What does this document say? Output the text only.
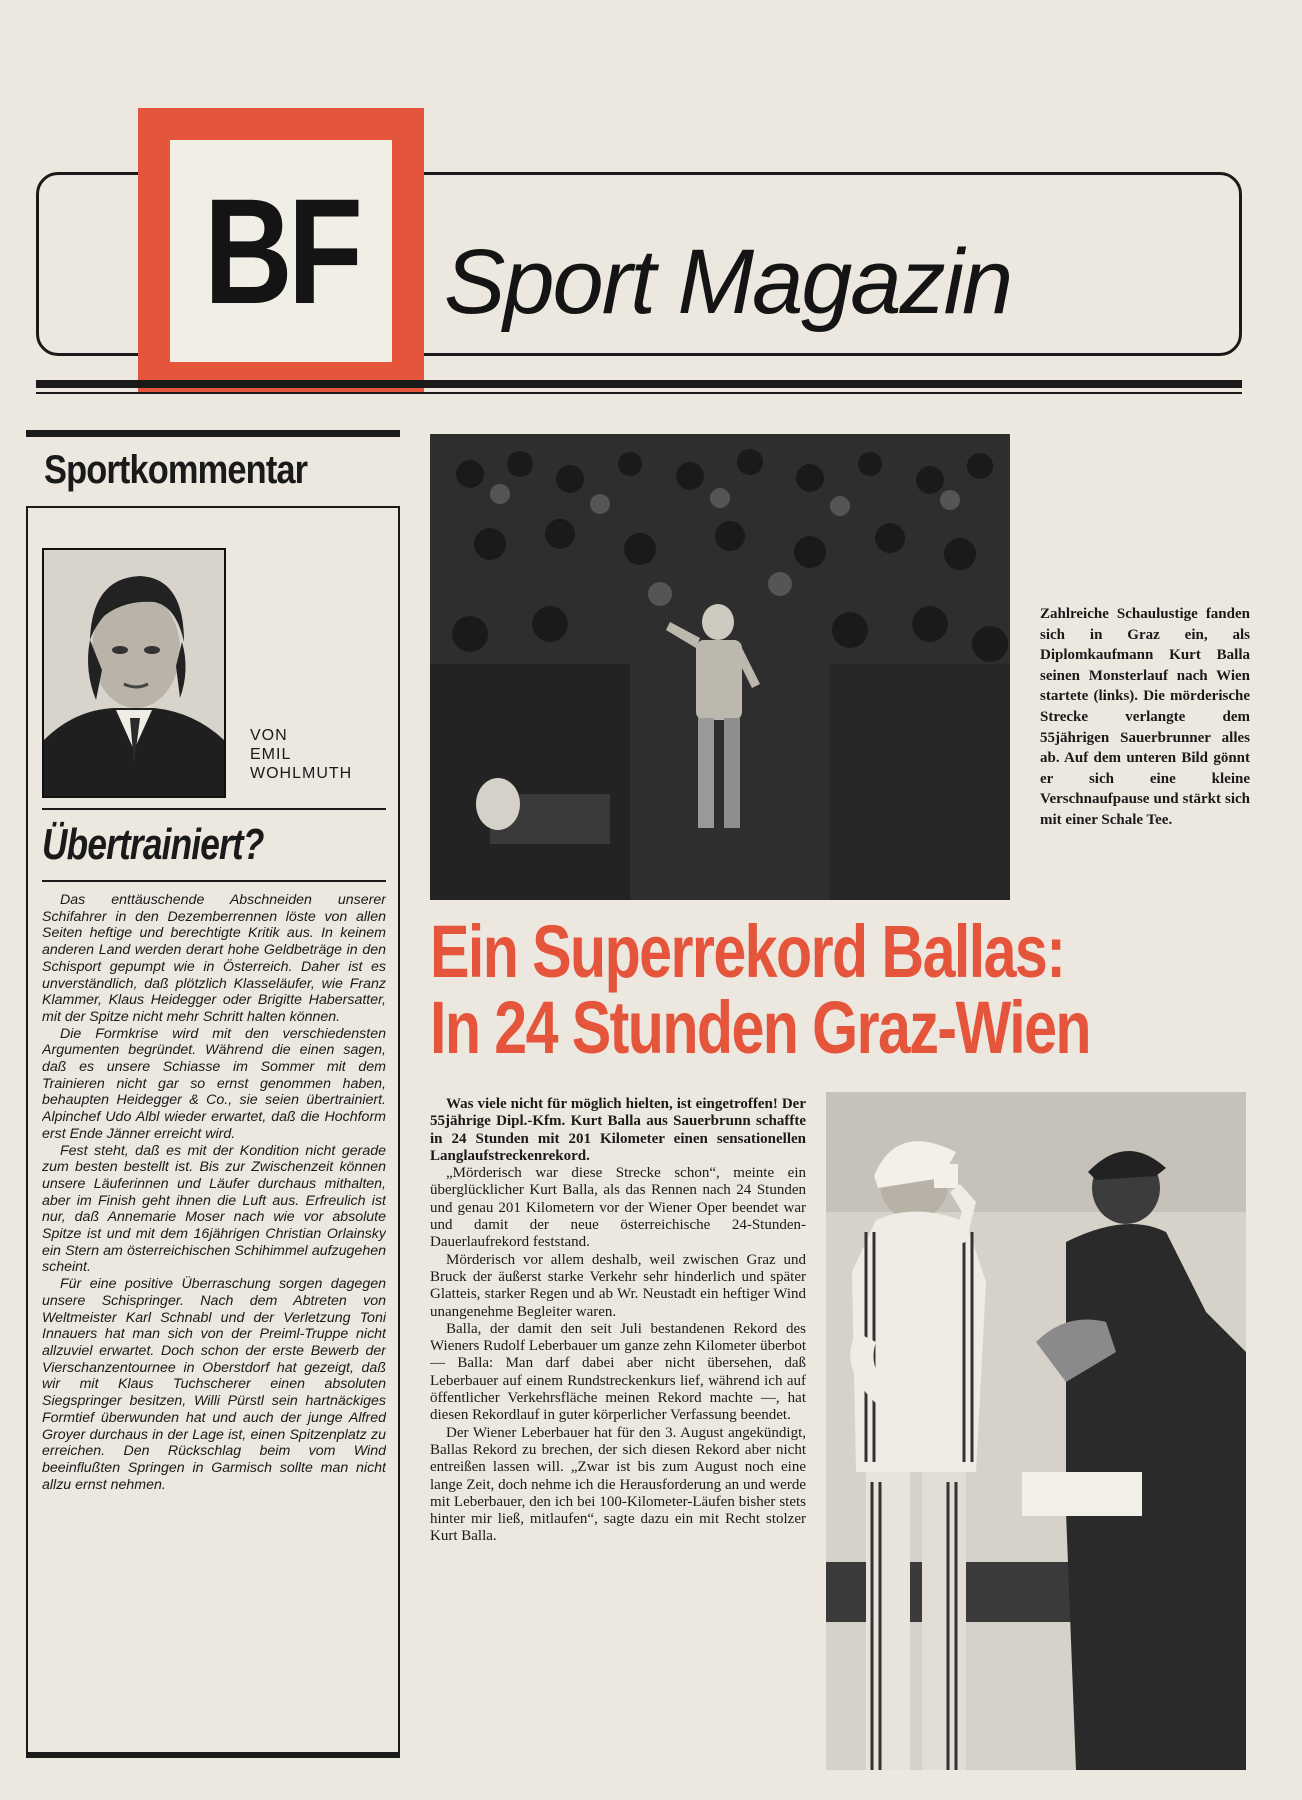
BF Sport Magazin
Sportkommentar
VON
EMIL
WOHLMUTH
Übertrainiert?

Das enttäuschende Abschneiden unserer Schifahrer in den Dezemberrennen löste von allen Seiten heftige und berechtigte Kritik aus. In keinem anderen Land werden derart hohe Geldbeträge in den Schisport gepumpt wie in Österreich. Daher ist es unverständlich, daß plötzlich Klasseläufer, wie Franz Klammer, Klaus Heidegger oder Brigitte Habersatter, mit der Spitze nicht mehr Schritt halten können.

Die Formkrise wird mit den verschiedensten Argumenten begründet. Während die einen sagen, daß es unsere Schiasse im Sommer mit dem Trainieren nicht gar so ernst genommen haben, behaupten Heidegger & Co., sie seien übertrainiert. Alpinchef Udo Albl wieder erwartet, daß die Hochform erst Ende Jänner erreicht wird.

Fest steht, daß es mit der Kondition nicht gerade zum besten bestellt ist. Bis zur Zwischenzeit können unsere Läuferinnen und Läufer durchaus mithalten, aber im Finish geht ihnen die Luft aus. Erfreulich ist nur, daß Annemarie Moser nach wie vor absolute Spitze ist und mit dem 16jährigen Christian Orlainsky ein Stern am österreichischen Schihimmel aufzugehen scheint.

Für eine positive Überraschung sorgen dagegen unsere Schispringer. Nach dem Abtreten von Weltmeister Karl Schnabl und der Verletzung Toni Innauers hat man sich von der Preiml-Truppe nicht allzuviel erwartet. Doch schon der erste Bewerb der Vierschanzentournee in Oberstdorf hat gezeigt, daß wir mit Klaus Tuchscherer einen absoluten Siegspringer besitzen, Willi Pürstl sein hartnäckiges Formtief überwunden hat und auch der junge Alfred Groyer durchaus in der Lage ist, einen Spitzenplatz zu erreichen. Den Rückschlag beim vom Wind beeinflußten Springen in Garmisch sollte man nicht allzu ernst nehmen.

Zahlreiche Schaulustige fanden sich in Graz ein, als Diplomkaufmann Kurt Balla seinen Monsterlauf nach Wien startete (links). Die mörderische Strecke verlangte dem 55jährigen Sauerbrunner alles ab. Auf dem unteren Bild gönnt er sich eine kleine Verschnaufpause und stärkt sich mit einer Schale Tee.
Ein Superrekord Ballas:
In 24 Stunden Graz-Wien

Was viele nicht für möglich hielten, ist eingetroffen! Der 55jährige Dipl.-Kfm. Kurt Balla aus Sauerbrunn schaffte in 24 Stunden mit 201 Kilometer einen sensationellen Langlaufstreckenrekord.

„Mörderisch war diese Strecke schon“, meinte ein überglücklicher Kurt Balla, als das Rennen nach 24 Stunden und genau 201 Kilometern vor der Wiener Oper beendet war und damit der neue österreichische 24-Stunden-Dauerlaufrekord feststand.

Mörderisch vor allem deshalb, weil zwischen Graz und Bruck der äußerst starke Verkehr sehr hinderlich und später Glatteis, starker Regen und ab Wr. Neustadt ein heftiger Wind unangenehme Begleiter waren.

Balla, der damit den seit Juli bestandenen Rekord des Wieners Rudolf Leberbauer um ganze zehn Kilometer überbot — Balla: Man darf dabei aber nicht übersehen, daß Leberbauer auf einem Rundstreckenkurs lief, während ich auf öffentlicher Verkehrsfläche meinen Rekord machte —, hat diesen Rekordlauf in guter körperlicher Verfassung beendet.

Der Wiener Leberbauer hat für den 3. August angekündigt, Ballas Rekord zu brechen, der sich diesen Rekord aber nicht entreißen lassen will. „Zwar ist bis zum August noch eine lange Zeit, doch nehme ich die Herausforderung an und werde mit Leberbauer, den ich bei 100-Kilometer-Läufen bisher stets hinter mir ließ, mitlaufen“, sagte dazu ein mit Recht stolzer Kurt Balla.
